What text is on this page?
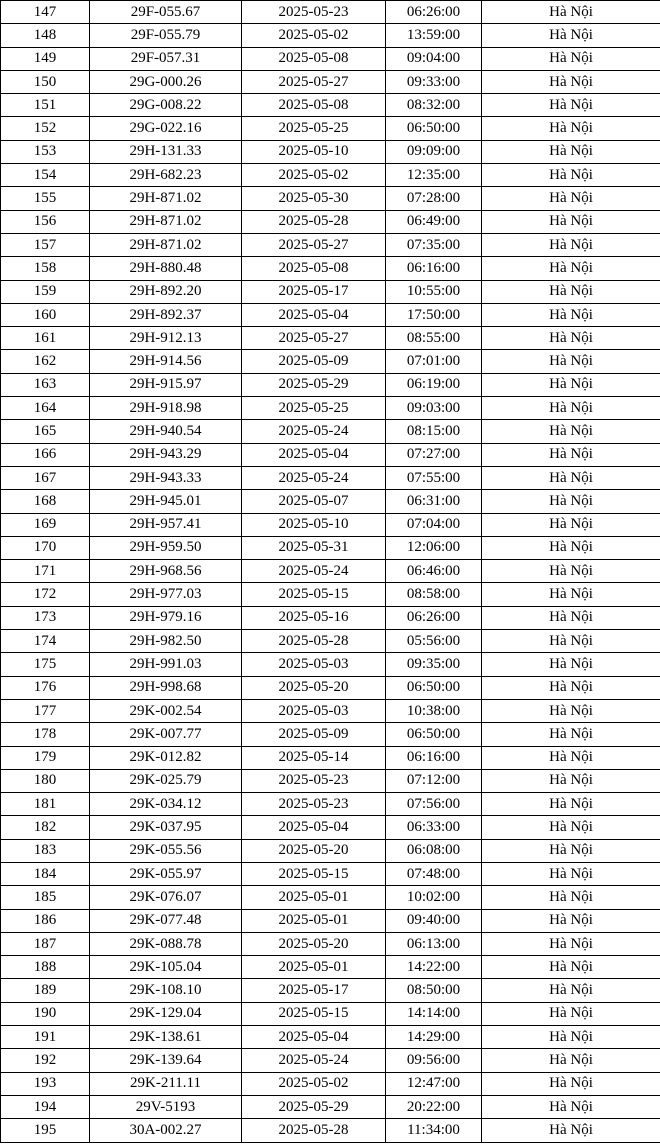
147	29F-055.67	2025-05-23	06:26:00	Hà Nội
148	29F-055.79	2025-05-02	13:59:00	Hà Nội
149	29F-057.31	2025-05-08	09:04:00	Hà Nội
150	29G-000.26	2025-05-27	09:33:00	Hà Nội
151	29G-008.22	2025-05-08	08:32:00	Hà Nội
152	29G-022.16	2025-05-25	06:50:00	Hà Nội
153	29H-131.33	2025-05-10	09:09:00	Hà Nội
154	29H-682.23	2025-05-02	12:35:00	Hà Nội
155	29H-871.02	2025-05-30	07:28:00	Hà Nội
156	29H-871.02	2025-05-28	06:49:00	Hà Nội
157	29H-871.02	2025-05-27	07:35:00	Hà Nội
158	29H-880.48	2025-05-08	06:16:00	Hà Nội
159	29H-892.20	2025-05-17	10:55:00	Hà Nội
160	29H-892.37	2025-05-04	17:50:00	Hà Nội
161	29H-912.13	2025-05-27	08:55:00	Hà Nội
162	29H-914.56	2025-05-09	07:01:00	Hà Nội
163	29H-915.97	2025-05-29	06:19:00	Hà Nội
164	29H-918.98	2025-05-25	09:03:00	Hà Nội
165	29H-940.54	2025-05-24	08:15:00	Hà Nội
166	29H-943.29	2025-05-04	07:27:00	Hà Nội
167	29H-943.33	2025-05-24	07:55:00	Hà Nội
168	29H-945.01	2025-05-07	06:31:00	Hà Nội
169	29H-957.41	2025-05-10	07:04:00	Hà Nội
170	29H-959.50	2025-05-31	12:06:00	Hà Nội
171	29H-968.56	2025-05-24	06:46:00	Hà Nội
172	29H-977.03	2025-05-15	08:58:00	Hà Nội
173	29H-979.16	2025-05-16	06:26:00	Hà Nội
174	29H-982.50	2025-05-28	05:56:00	Hà Nội
175	29H-991.03	2025-05-03	09:35:00	Hà Nội
176	29H-998.68	2025-05-20	06:50:00	Hà Nội
177	29K-002.54	2025-05-03	10:38:00	Hà Nội
178	29K-007.77	2025-05-09	06:50:00	Hà Nội
179	29K-012.82	2025-05-14	06:16:00	Hà Nội
180	29K-025.79	2025-05-23	07:12:00	Hà Nội
181	29K-034.12	2025-05-23	07:56:00	Hà Nội
182	29K-037.95	2025-05-04	06:33:00	Hà Nội
183	29K-055.56	2025-05-20	06:08:00	Hà Nội
184	29K-055.97	2025-05-15	07:48:00	Hà Nội
185	29K-076.07	2025-05-01	10:02:00	Hà Nội
186	29K-077.48	2025-05-01	09:40:00	Hà Nội
187	29K-088.78	2025-05-20	06:13:00	Hà Nội
188	29K-105.04	2025-05-01	14:22:00	Hà Nội
189	29K-108.10	2025-05-17	08:50:00	Hà Nội
190	29K-129.04	2025-05-15	14:14:00	Hà Nội
191	29K-138.61	2025-05-04	14:29:00	Hà Nội
192	29K-139.64	2025-05-24	09:56:00	Hà Nội
193	29K-211.11	2025-05-02	12:47:00	Hà Nội
194	29V-5193	2025-05-29	20:22:00	Hà Nội
195	30A-002.27	2025-05-28	11:34:00	Hà Nội
